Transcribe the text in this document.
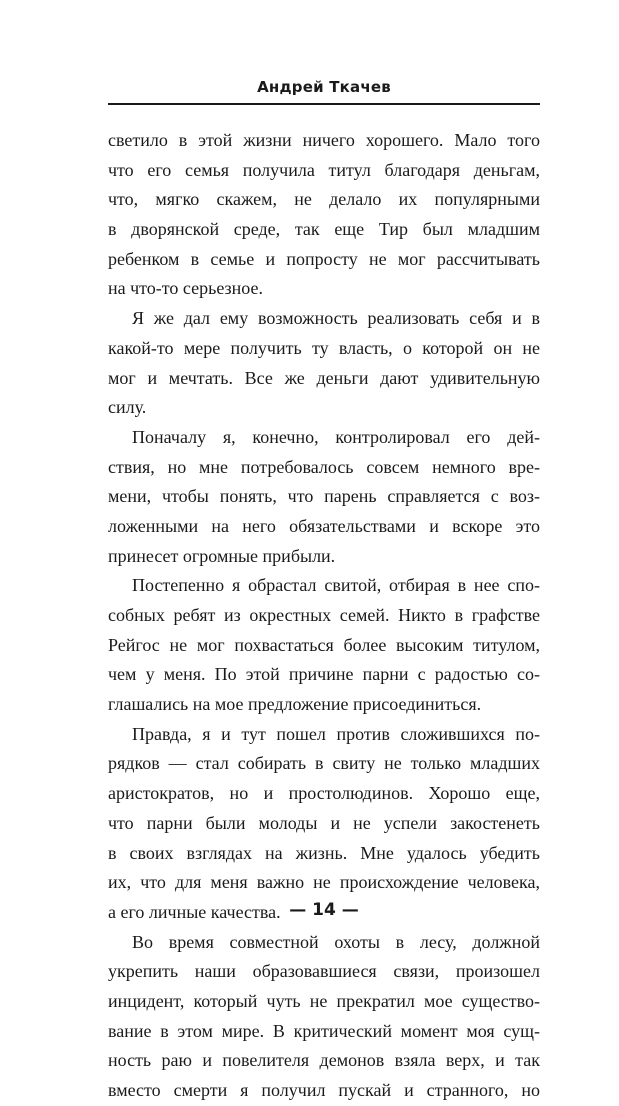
Андрей Ткачев
светило в этой жизни ничего хорошего. Мало того
что его семья получила титул благодаря деньгам,
что, мягко скажем, не делало их популярными
в дворянской среде, так еще Тир был младшим
ребенком в семье и попросту не мог рассчитывать
на что-то серьезное.
Я же дал ему возможность реализовать себя и в
какой-то мере получить ту власть, о которой он не
мог и мечтать. Все же деньги дают удивительную
силу.
Поначалу я, конечно, контролировал его дей-
ствия, но мне потребовалось совсем немного вре-
мени, чтобы понять, что парень справляется с воз-
ложенными на него обязательствами и вскоре это
принесет огромные прибыли.
Постепенно я обрастал свитой, отбирая в нее спо-
собных ребят из окрестных семей. Никто в графстве
Рейгос не мог похвастаться более высоким титулом,
чем у меня. По этой причине парни с радостью со-
глашались на мое предложение присоединиться.
Правда, я и тут пошел против сложившихся по-
рядков — стал собирать в свиту не только младших
аристократов, но и простолюдинов. Хорошо еще,
что парни были молоды и не успели закостенеть
в своих взглядах на жизнь. Мне удалось убедить
их, что для меня важно не происхождение человека,
а его личные качества.
Во время совместной охоты в лесу, должной
укрепить наши образовавшиеся связи, произошел
инцидент, который чуть не прекратил мое существо-
вание в этом мире. В критический момент моя сущ-
ность раю и повелителя демонов взяла верх, и так
вместо смерти я получил пускай и странного, но
— 14 —
